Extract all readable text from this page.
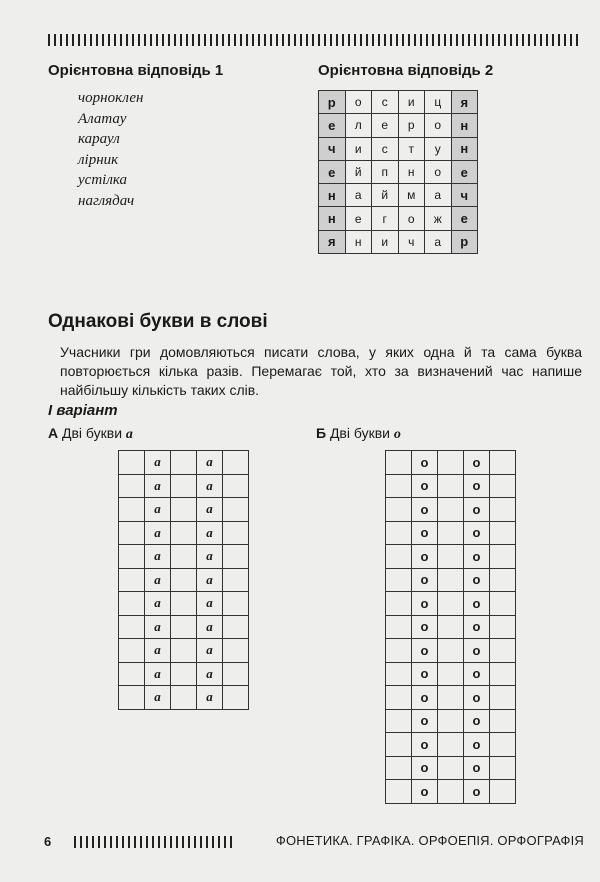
Орієнтовна відповідь 1	Орієнтовна відповідь 2
чорноклен
Алатау
караул
лірник
устілка
наглядач
р	о	с	и	ц	я
е	л	е	р	о	н
ч	и	с	т	у	н
е	й	п	н	о	е
н	а	й	м	а	ч
н	е	г	о	ж	е
я	н	и	ч	а	р
Однакові букви в слові

Учасники гри домовляються писати слова, у яких одна й та сама буква повторюється кілька разів. Перемагає той, хто за визначений час напише найбільшу кількість таких слів.

І варіант
А Дві букви а	Б Дві букви о
	а		а	
	а		а	
	а		а	
	а		а	
	а		а	
	а		а	
	а		а	
	а		а	
	а		а	
	а		а	
	а		а	
	о		о	
	о		о	
	о		о	
	о		о	
	о		о	
	о		о	
	о		о	
	о		о	
	о		о	
	о		о	
	о		о	
	о		о	
	о		о	
	о		о	
	о		о	
6	ФОНЕТИКА. ГРАФІКА. ОРФОЕПІЯ. ОРФОГРАФІЯ
